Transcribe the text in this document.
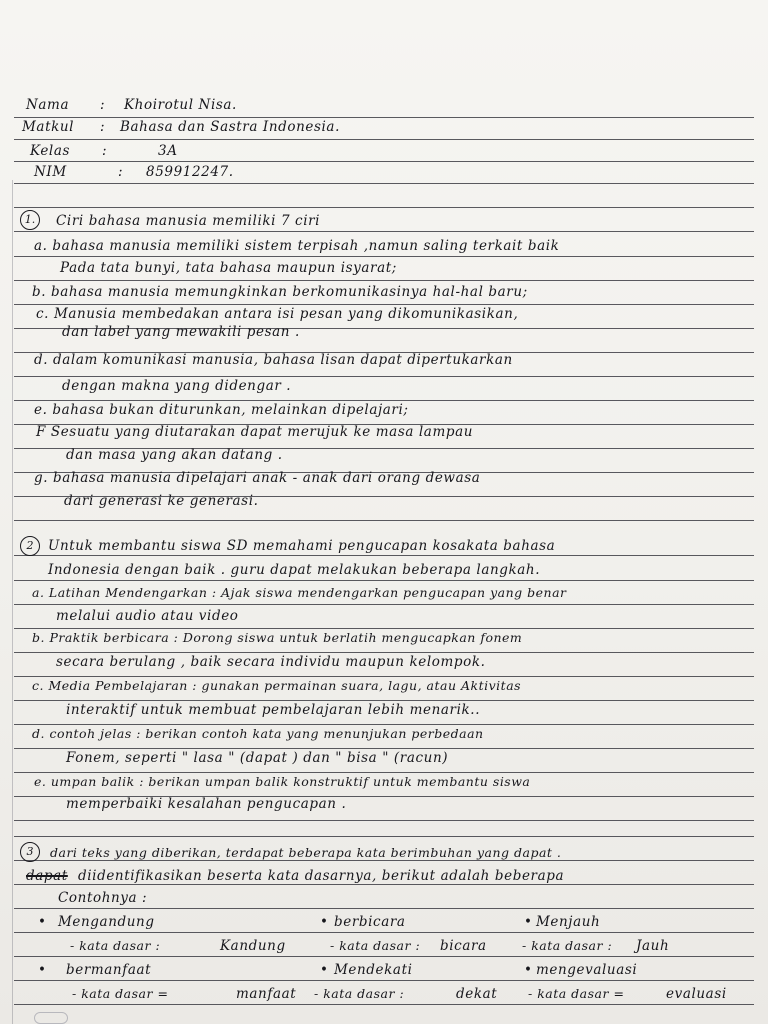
Nama : Khoirotul Nisa.
Matkul : Bahasa dan Sastra Indonesia.
Kelas :	3A
NIM	: 859912247.
1.	Ciri bahasa manusia memiliki 7 ciri
a. bahasa manusia memiliki sistem terpisah ,namun saling terkait baik
Pada tata bunyi, tata bahasa maupun isyarat;
b. bahasa manusia memungkinkan berkomunikasinya hal-hal baru;
c. Manusia membedakan antara isi pesan yang dikomunikasikan,
dan label yang mewakili pesan .
d. dalam komunikasi manusia, bahasa lisan dapat dipertukarkan
dengan makna yang didengar .
e. bahasa bukan diturunkan, melainkan dipelajari;
F Sesuatu yang diutarakan dapat merujuk ke masa lampau
dan masa yang akan datang .
g. bahasa manusia dipelajari anak - anak dari orang dewasa
dari generasi ke generasi.
2	Untuk membantu siswa SD memahami pengucapan kosakata bahasa
Indonesia dengan baik . guru dapat melakukan beberapa langkah.
a. Latihan Mendengarkan : Ajak siswa mendengarkan pengucapan yang benar
melalui audio atau video
b. Praktik berbicara : Dorong siswa untuk berlatih mengucapkan fonem
secara berulang , baik secara individu maupun kelompok.
c. Media Pembelajaran : gunakan permainan suara, lagu, atau Aktivitas
interaktif untuk membuat pembelajaran lebih menarik..
d. contoh jelas : berikan contoh kata yang menunjukan perbedaan
Fonem, seperti " lasa " (dapat ) dan " bisa " (racun)
e. umpan balik : berikan umpan balik konstruktif untuk membantu siswa
memperbaiki kesalahan pengucapan .
3	dari teks yang diberikan, terdapat beberapa kata berimbuhan yang dapat .
dapat diidentifikasikan beserta kata dasarnya, berikut adalah beberapa
Contohnya :
• Mengandung	• berbicara	• Menjauh
- kata dasar :	Kandung	- kata dasar : bicara	- kata dasar : Jauh
• bermanfaat	• Mendekati	• mengevaluasi
- kata dasar =	manfaat - kata dasar :	dekat - kata dasar =	evaluasi
